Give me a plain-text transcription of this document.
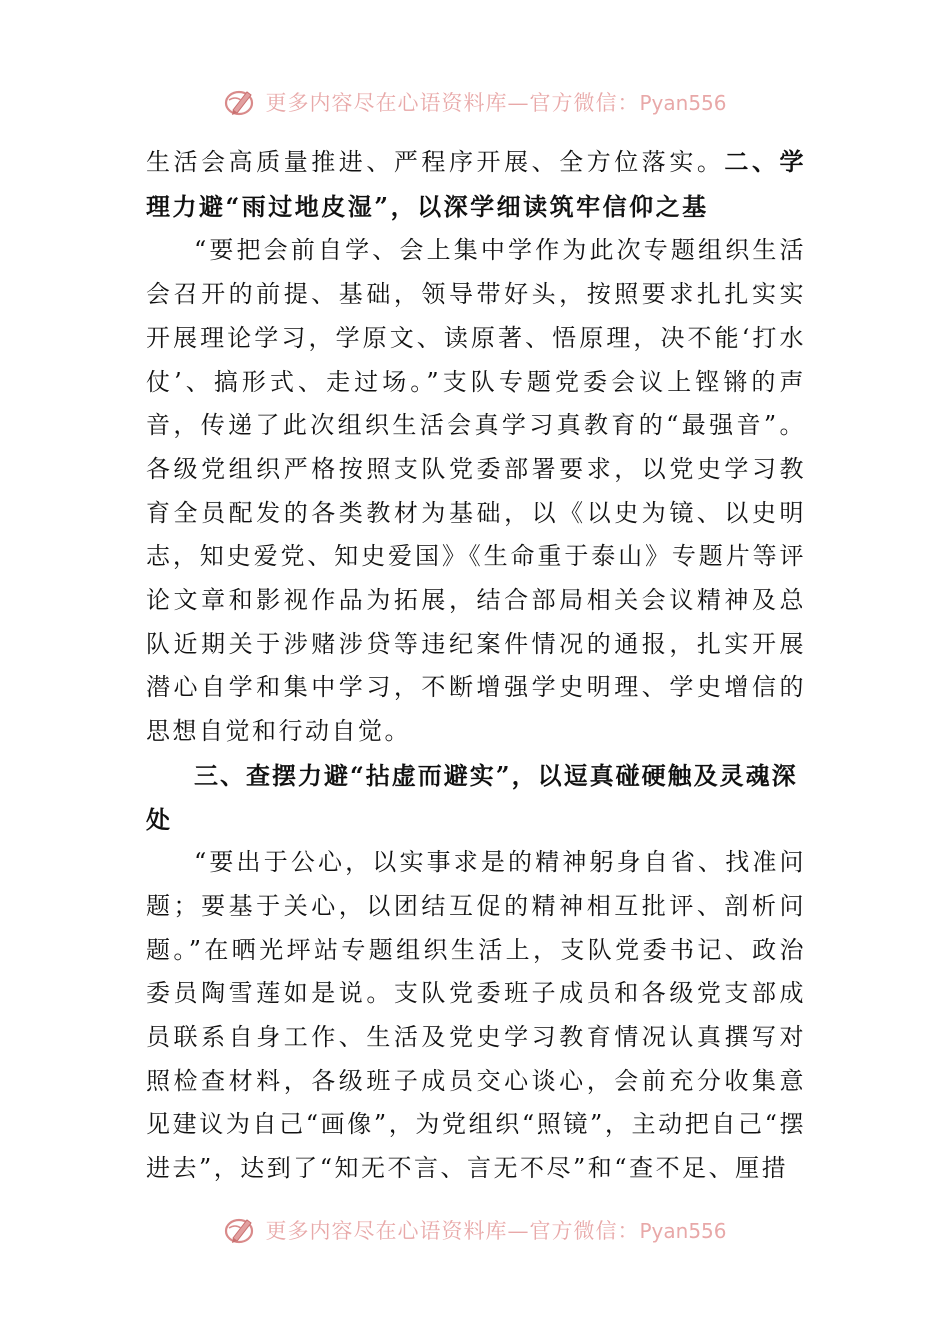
更多内容尽在心语资料库—官方微信：Pyan556

生活会高质量推进、严程序开展、全方位落实。二、学理力避“雨过地皮湿”，以深学细读筑牢信仰之基

“要把会前自学、会上集中学作为此次专题组织生活会召开的前提、基础，领导带好头，按照要求扎扎实实开展理论学习，学原文、读原著、悟原理，决不能‘打水仗’、搞形式、走过场。”支队专题党委会议上铿锵的声音，传递了此次组织生活会真学习真教育的“最强音”。各级党组织严格按照支队党委部署要求，以党史学习教育全员配发的各类教材为基础，以《以史为镜、以史明志，知史爱党、知史爱国》《生命重于泰山》专题片等评论文章和影视作品为拓展，结合部局相关会议精神及总队近期关于涉赌涉贷等违纪案件情况的通报，扎实开展潜心自学和集中学习，不断增强学史明理、学史增信的思想自觉和行动自觉。

三、查摆力避“拈虚而避实”，以逗真碰硬触及灵魂深处

“要出于公心，以实事求是的精神躬身自省、找准问题；要基于关心，以团结互促的精神相互批评、剖析问题。”在晒光坪站专题组织生活上，支队党委书记、政治委员陶雪莲如是说。支队党委班子成员和各级党支部成员联系自身工作、生活及党史学习教育情况认真撰写对照检查材料，各级班子成员交心谈心，会前充分收集意见建议为自己“画像”，为党组织“照镜”，主动把自己“摆进去”，达到了“知无不言、言无不尽”和“查不足、厘措

更多内容尽在心语资料库—官方微信：Pyan556
